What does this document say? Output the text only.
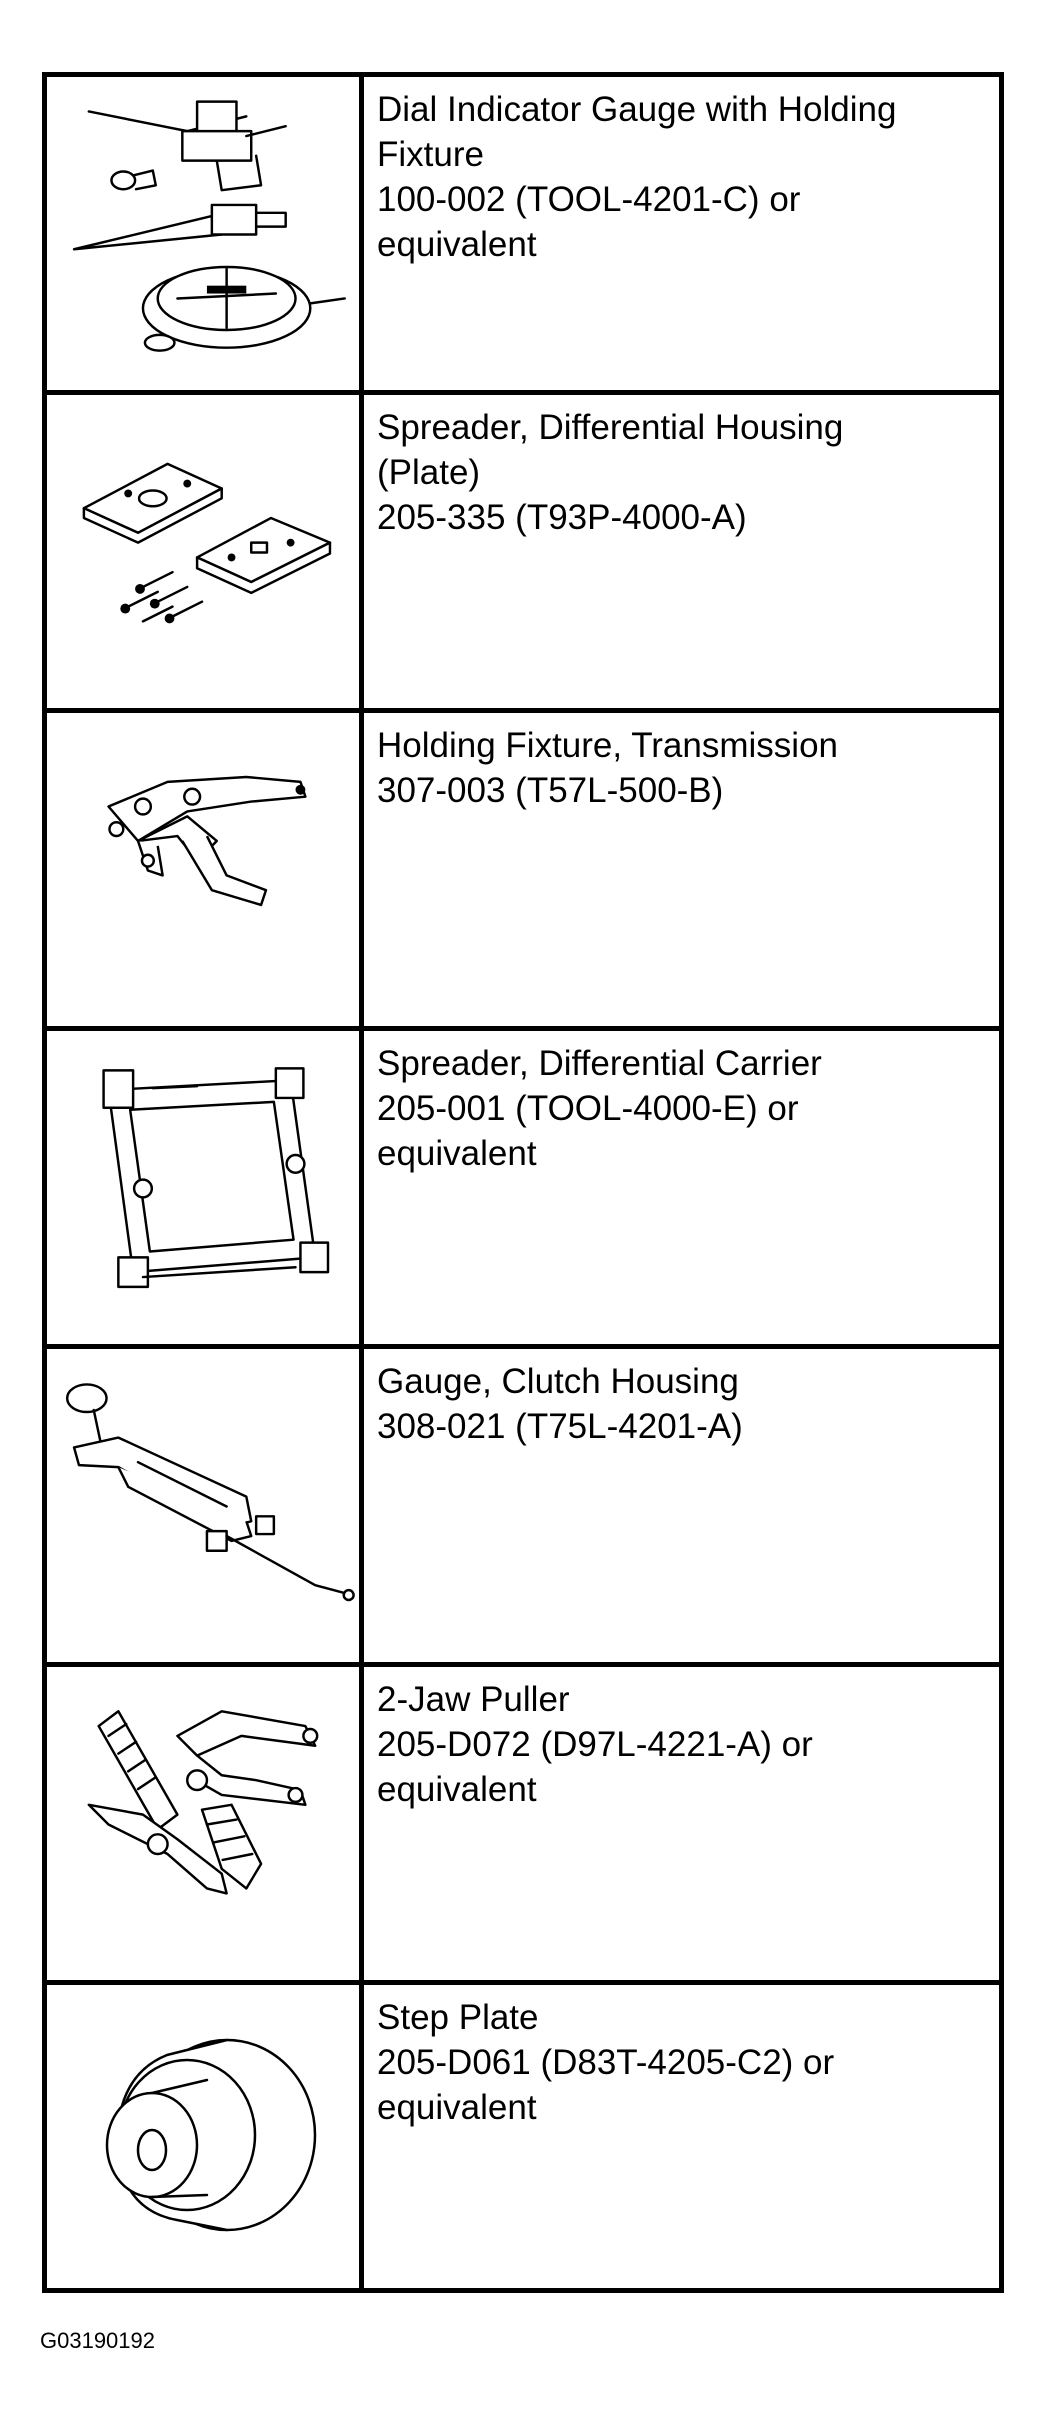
Dial Indicator Gauge with Holding
Fixture
100-002 (TOOL-4201-C) or
equivalent
Spreader, Differential Housing
(Plate)
205-335 (T93P-4000-A)
Holding Fixture, Transmission
307-003 (T57L-500-B)
Spreader, Differential Carrier
205-001 (TOOL-4000-E) or
equivalent
Gauge, Clutch Housing
308-021 (T75L-4201-A)
2-Jaw Puller
205-D072 (D97L-4221-A) or
equivalent
Step Plate
205-D061 (D83T-4205-C2) or
equivalent
G03190192
